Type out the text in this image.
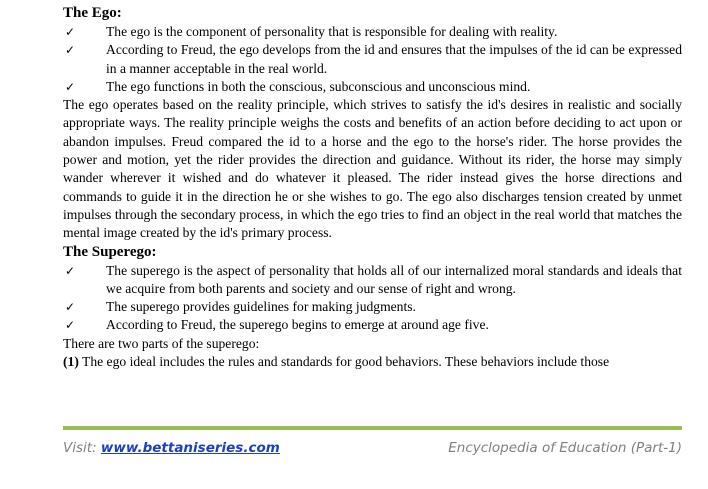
The Ego:

✓ The ego is the component of personality that is responsible for dealing with reality.
✓ According to Freud, the ego develops from the id and ensures that the impulses of the id can be expressed in a manner acceptable in the real world.
✓ The ego functions in both the conscious, subconscious and unconscious mind.

The ego operates based on the reality principle, which strives to satisfy the id's desires in realistic and socially appropriate ways. The reality principle weighs the costs and benefits of an action before deciding to act upon or abandon impulses. Freud compared the id to a horse and the ego to the horse's rider. The horse provides the power and motion, yet the rider provides the direction and guidance. Without its rider, the horse may simply wander wherever it wished and do whatever it pleased. The rider instead gives the horse directions and commands to guide it in the direction he or she wishes to go. The ego also discharges tension created by unmet impulses through the secondary process, in which the ego tries to find an object in the real world that matches the mental image created by the id's primary process.

The Superego:

✓ The superego is the aspect of personality that holds all of our internalized moral standards and ideals that we acquire from both parents and society and our sense of right and wrong.
✓ The superego provides guidelines for making judgments.
✓ According to Freud, the superego begins to emerge at around age five.

There are two parts of the superego:

(1) The ego ideal includes the rules and standards for good behaviors. These behaviors include those

Visit: www.bettaniseries.com	Encyclopedia of Education (Part-1)
